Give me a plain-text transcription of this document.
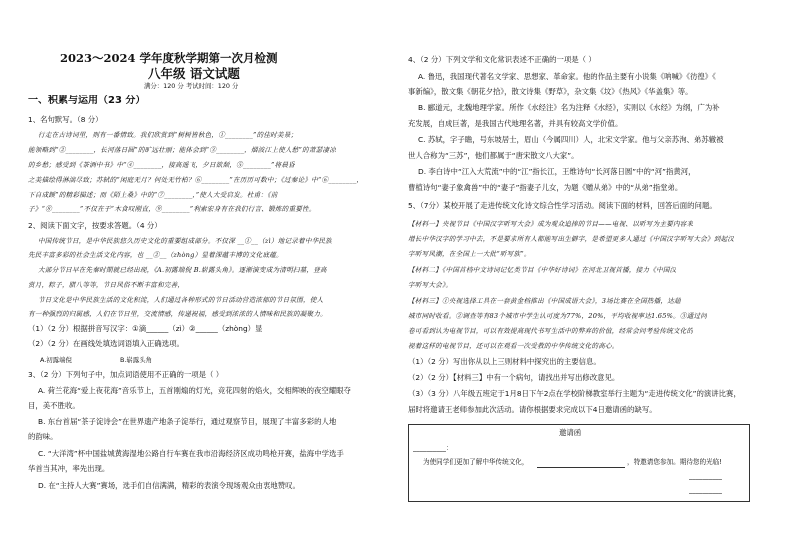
2023～2024 学年度秋学期第一次月检测
八年级 语文试题
满分：120 分 考试时间：120 分
一、积累与运用（23 分）
1、名句默写。（8 分）
行走在古诗词里，则有一番情致。我们欣赏到“树树皆秋色，①________”的佳时美景；
能领略到“②________，长河落日圆”的旷远壮丽；能体会到“③________，烟波江上使人愁”的萧瑟凄凉
的乡愁；感受到《茶酒中书》中“④________，接高遥飞，夕日欲颓，⑤________”将晨昏
之美描绘得淋漓尽致；苏轼的“闲庭无月？何处无竹柏？⑥________”在历历可数中；《过秦论》中“⑥________，
下自成蹊”的精彩描述；而《陌上桑》中的“⑦________，”使人大受启发。杜甫：《前
子》“⑧________”不仅在于“木食叹刚直，⑨________”利索宏身有在我们行言、锻炼的重要性。
2、阅读下面文字，按要求答题。（4 分）
中国传统节日，是中华民族悠久历史文化的重要组成部分。不仅深 __①__（zì）地记录着中华民族
先民丰富多彩的社会生活文化内容，也 __②__（zhòng）显着深蕴丰博的文化底蕴。
大部分节日早在先秦时期就已经出现，《A.初露端倪 B.崭露头角》。逐渐演变成为清明扫墓，登高
赏月，粽子，腊八等等，节日风俗不断丰富和完善，
节日文化是中华民族生活的文化积淀，人们通过各种形式的节日活动营造浓郁的节日氛围，使人
有一种强烈的归属感，人们在节日里，交流情感，传递祝福，感受到浓浓的人情味和民族的凝聚力。
（1）（2 分）根据拼音写汉字：①滴______（zì）②______（zhòng）显
（2）（2 分）在画线处填选词语填入正确选项。
A.初露端倪	B.崭露头角
3、（2 分）下列句子中，加点词语使用不正确的一项是（ ）
A. 荷兰花海“爱上夜花海”音乐节上，五首刚煽的灯光，竞花四射的焰火，交相辉映的夜空耀眼夺
目，美不胜收。
B. 东台首届“茶子淀诗会”在世界遗产地条子淀举行，通过观察节目，展现了丰富多彩的人地
的韵味。
C. “大洋湾”杯中国盐城黄海湿地公路自行车赛在我市沿海经济区成功鸣枪开赛，盐海中学选手
华首当其冲，率先出现。
D. 在“主持人大赛”赛场，选手们自信满满，精彩的表演令现场观众由衷地赞叹。
4、（2 分）下列文学和文化常识表述不正确的一项是（ ）
A. 鲁迅，我国现代著名文学家、思想家、革命家。他的作品主要有小说集《呐喊》《彷徨》《
事新编》，散文集《朝花夕拾》，散文诗集《野草》，杂文集《坟》《热风》《华盖集》等。
B. 郦道元，北魏地理学家。所作《水经注》名为注释《水经》，实则以《水经》为纲，广为补
充发展，自成巨著，是我国古代地理名著，并具有较高文学价值。
C. 苏轼，字子瞻，号东坡居士，眉山（今属四川）人，北宋文学家。他与父亲苏洵、弟苏辙被
世人合称为“三苏”，他们都属于“唐宋散文八大家”。
D. 李白诗中“江入大荒流”中的“江”指长江，王维诗句“长河落日圆”中的“河”指黄河，
曹植诗句“妻子象禽兽”中的“妻子”指妻子儿女，为题《赠从弟》中的“从弟”指堂弟。
5、（7分）某校开展了走进传统文化诗文综合性学习活动。阅读下面的材料，回答后面的问题。
【材料一】央视节目《中国汉字听写大会》成为观众追捧的节目——电视、以听写为主要内容来
增长中华汉字的学习中去，不是要求所有人都能写出生僻字，是希望更多人通过《中国汉字听写大会》到起汉
字听写风潮，在全国上一大批“听写族”。
【材料二】《中国首档中文诗词记忆类节目《中华好诗词》在河北卫视首播，接力《中国汉
字听写大会》。
【材料三】①央视选择工具在一套黄金档推出《中国成语大会》，3场比赛在全国热播，达超
城市同时收看。②调查等有83个城市中学生认可度为77%，20%，平均收视率达1.65%。③通过问
卷可看到认为电视节目，可以有效提高现代书写生活中的弊弃的价值，经常会问考验传统文化的
视着这样的电视节目，还可以在观看一次受教的中华传统文化的高心。
（1）（2 分）写出你从以上三则材料中探究出的主要信息。
（2）（2 分）【材料三】中有一个病句，请找出并写出修改意见。
（3）（3 分）八年级五班定于1月8日下午2点在学校阶梯教室举行主题为“走进传统文化”的演讲比赛，
届时将邀请王老师参加此次活动。请你根据要求完成以下4日邀请函的缺写。
邀请函
__________：
为使同学们更加了解中华传统文化，	，特邀请您参加。期待您的光临!
__________
__________
